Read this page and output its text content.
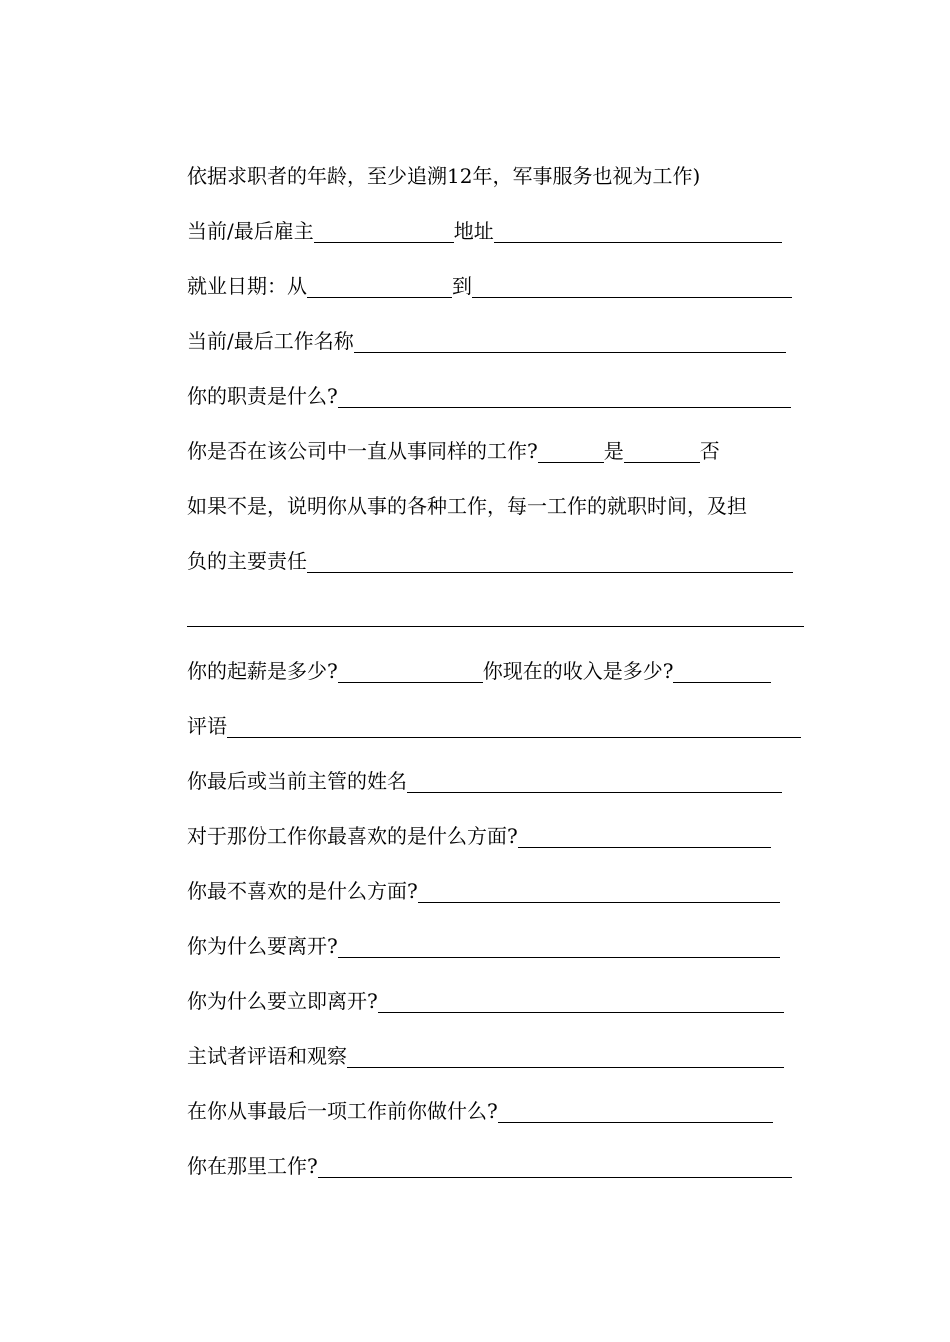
依据求职者的年龄，至少追溯12年，军事服务也视为工作)
当前/最后雇主	地址
就业日期：从	到
当前/最后工作名称
你的职责是什么?
你是否在该公司中一直从事同样的工作?	是	否
如果不是，说明你从事的各种工作，每一工作的就职时间，及担
负的主要责任
你的起薪是多少?	你现在的收入是多少?
评语
你最后或当前主管的姓名
对于那份工作你最喜欢的是什么方面?
你最不喜欢的是什么方面?
你为什么要离开?
你为什么要立即离开?
主试者评语和观察
在你从事最后一项工作前你做什么?
你在那里工作?
